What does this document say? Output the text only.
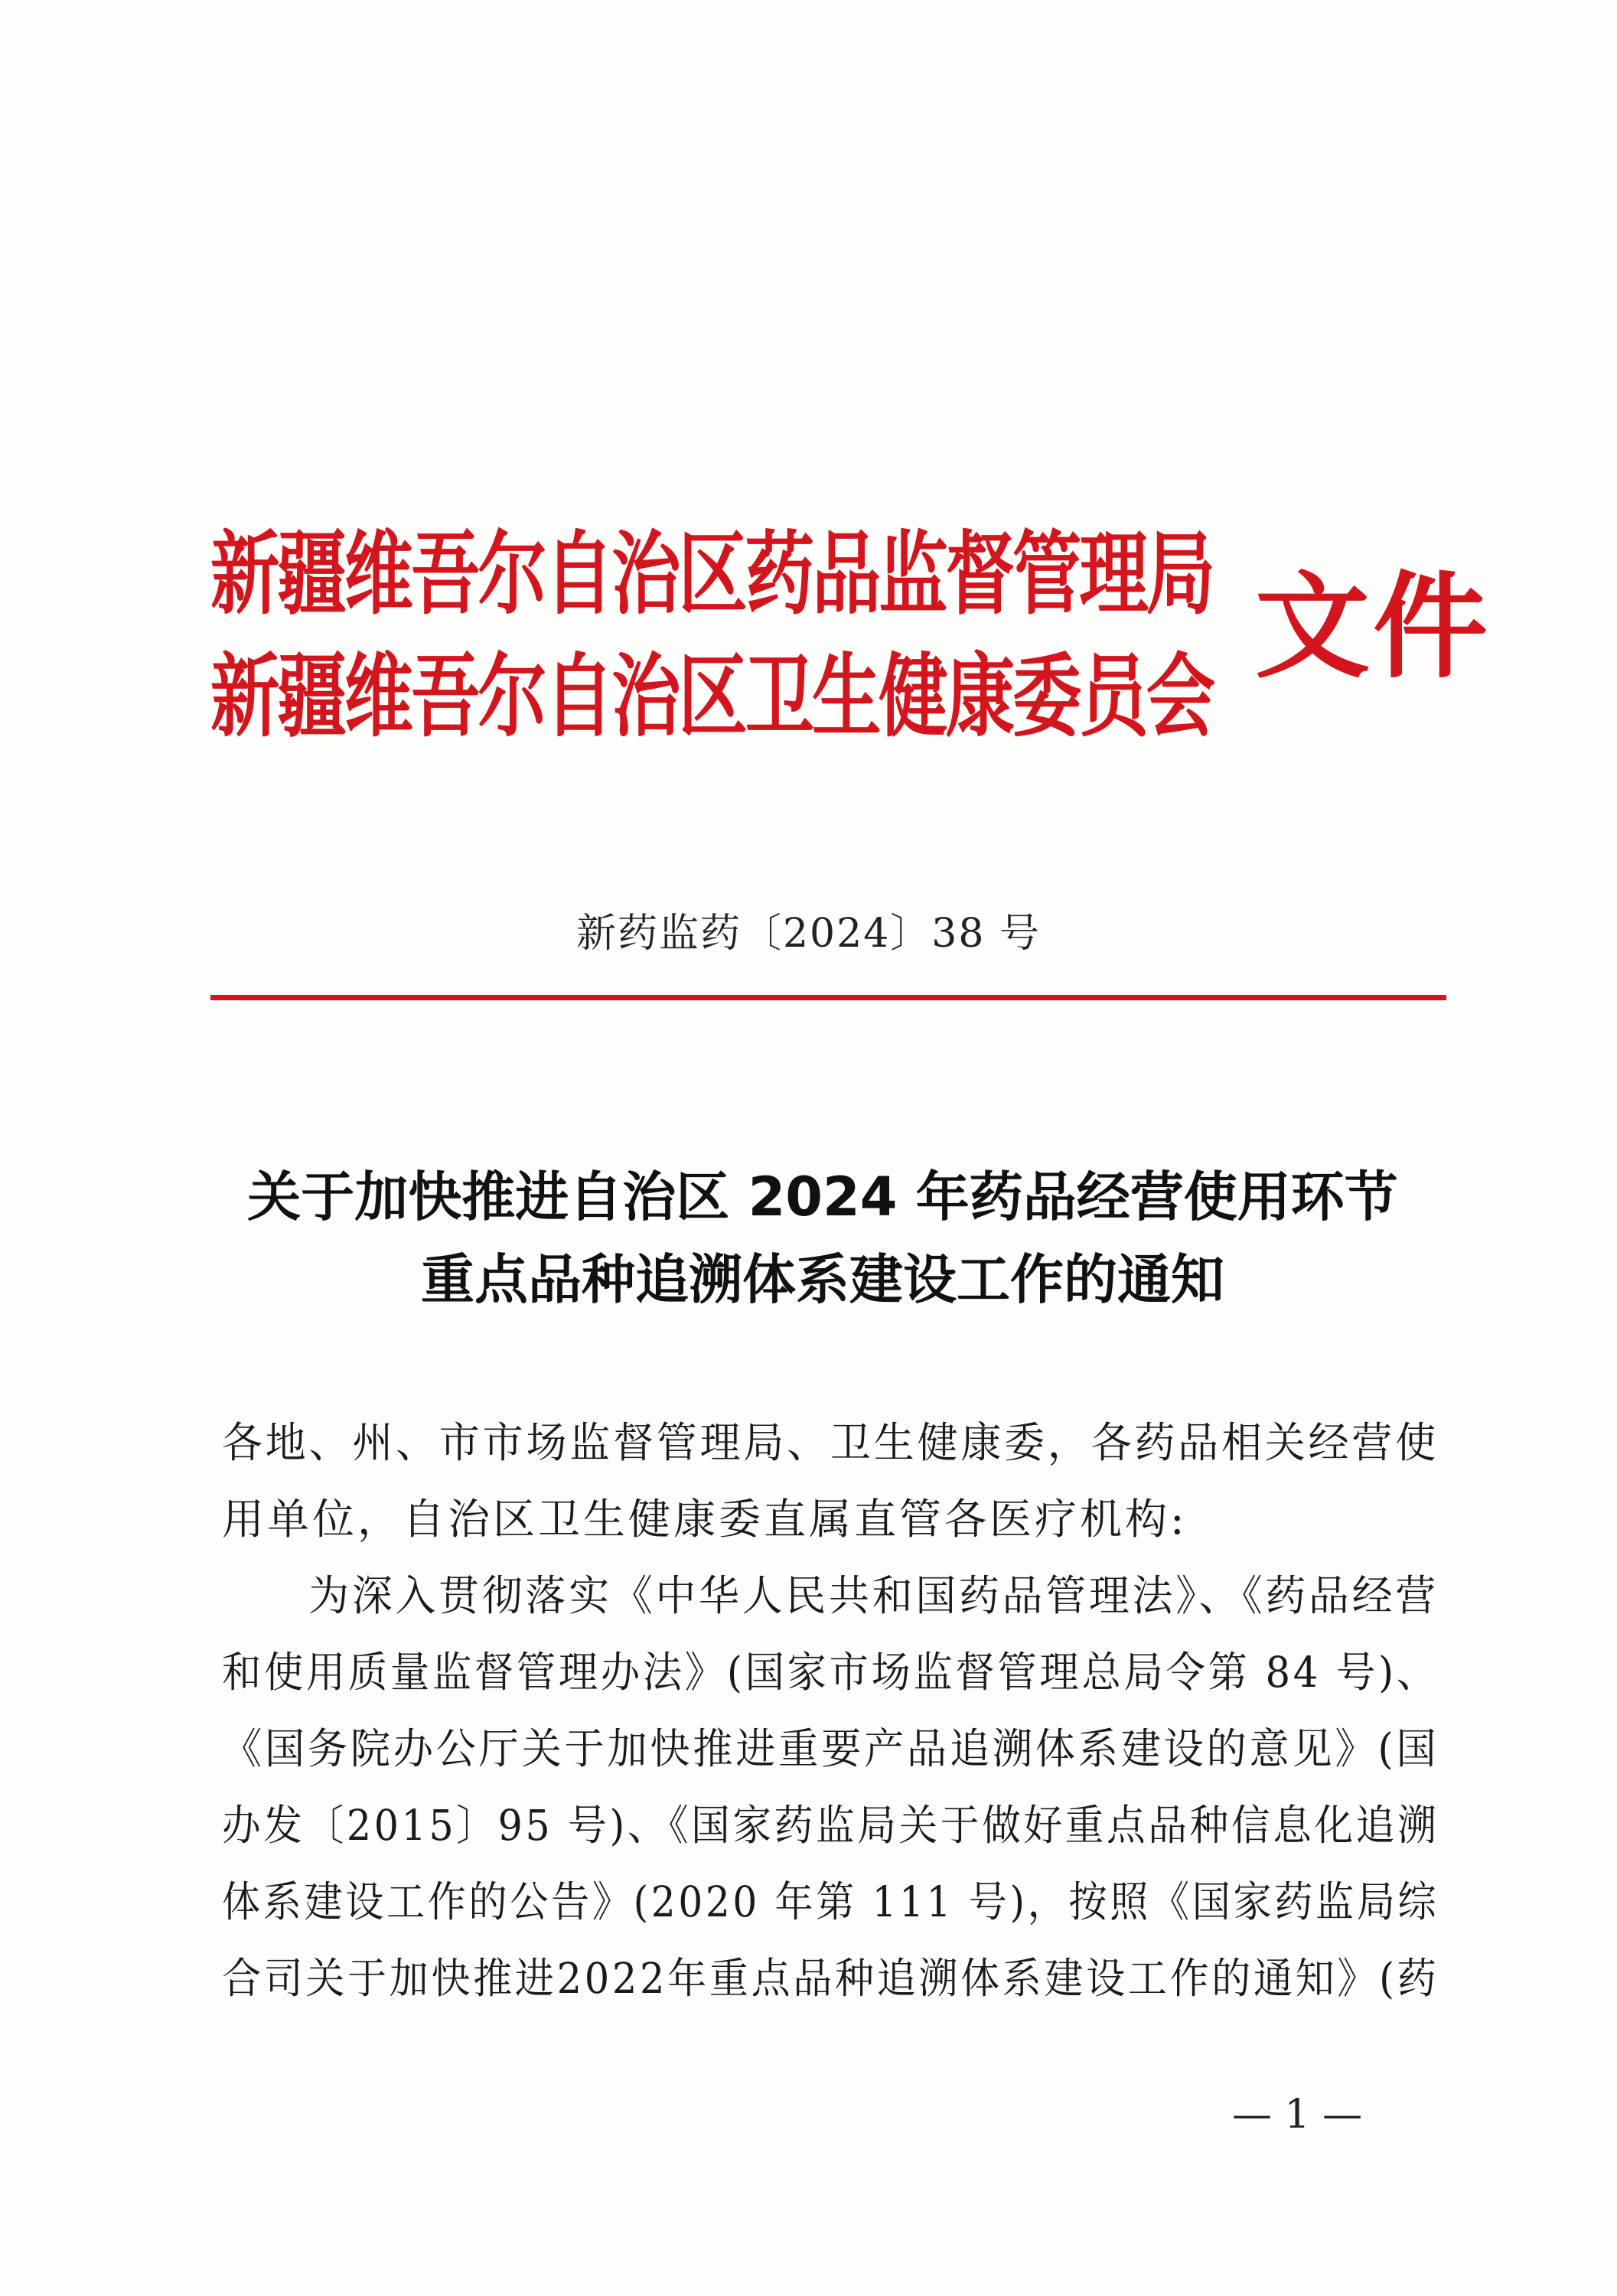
新疆维吾尔自治区药品监督管理局
新疆维吾尔自治区卫生健康委员会
文件
新药监药〔2024〕38 号
关于加快推进自治区 2024 年药品经营使用环节
重点品种追溯体系建设工作的通知
各地、州、市市场监督管理局、卫生健康委，各药品相关经营使
用单位，自治区卫生健康委直属直管各医疗机构:
为深入贯彻落实《中华人民共和国药品管理法》、《药品经营
和使用质量监督管理办法》(国家市场监督管理总局令第 84 号)、
《国务院办公厅关于加快推进重要产品追溯体系建设的意见》(国
办发〔2015〕95 号)、《国家药监局关于做好重点品种信息化追溯
体系建设工作的公告》(2020 年第 111 号)，按照《国家药监局综
合司关于加快推进2022年重点品种追溯体系建设工作的通知》(药
— 1 —
